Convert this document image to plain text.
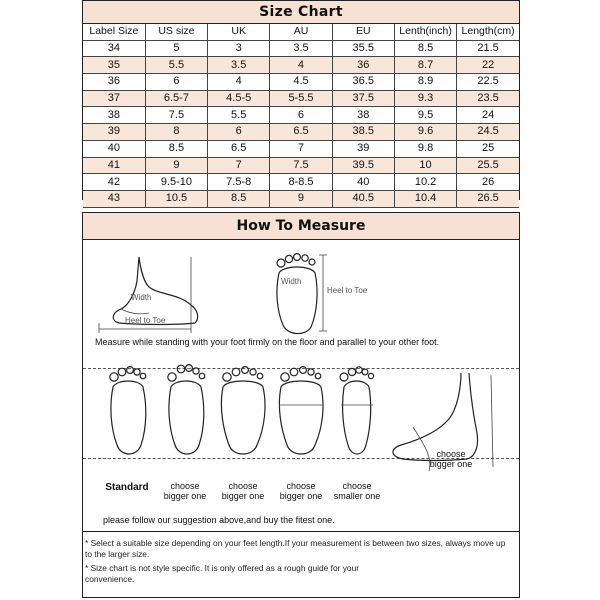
Size Chart
Label Size	US size	UK	AU	EU	Lenth(inch)	Length(cm)
34	5	3	3.5	35.5	8.5	21.5
35	5.5	3.5	4	36	8.7	22
36	6	4	4.5	36.5	8.9	22.5
37	6.5-7	4.5-5	5-5.5	37.5	9.3	23.5
38	7.5	5.5	6	38	9.5	24
39	8	6	6.5	38.5	9.6	24.5
40	8.5	6.5	7	39	9.8	25
41	9	7	7.5	39.5	10	25.5
42	9.5-10	7.5-8	8-8.5	40	10.2	26
43	10.5	8.5	9	40.5	10.4	26.5
How To Measure
Width
Heel to Toe
Width
Heel to Toe
Measure while standing with your foot firmly on the floor and parallel to your other foot.
Standard	choose
bigger one
choose
bigger one
choose
bigger one
choose
smaller one
choose
bigger one
please follow our suggestion above,and buy the fitest one.
* Select a suitable size depending on your feet length.If your measurement is between two sizes, always move up to the larger size.
* Size chart is not style specific. It is only offered as a rough guide for your convenience.
